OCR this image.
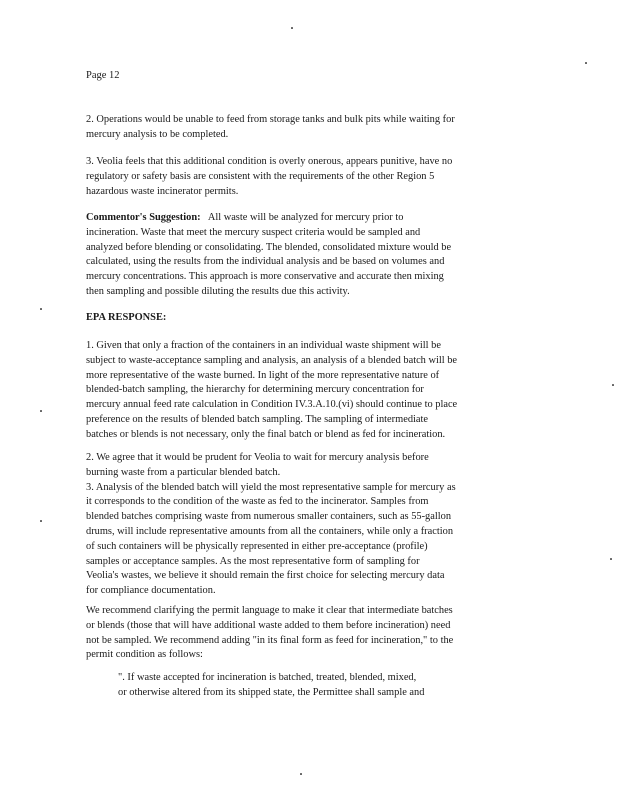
Page 12

2. Operations would be unable to feed from storage tanks and bulk pits while waiting for
mercury analysis to be completed.

3. Veolia feels that this additional condition is overly onerous, appears punitive, have no
regulatory or safety basis are consistent with the requirements of the other Region 5
hazardous waste incinerator permits.

Commentor's Suggestion:   All waste will be analyzed for mercury prior to
incineration. Waste that meet the mercury suspect criteria would be sampled and
analyzed before blending or consolidating. The blended, consolidated mixture would be
calculated, using the results from the individual analysis and be based on volumes and
mercury concentrations. This approach is more conservative and accurate then mixing
then sampling and possible diluting the results due this activity.

EPA RESPONSE:

1. Given that only a fraction of the containers in an individual waste shipment will be
subject to waste-acceptance sampling and analysis, an analysis of a blended batch will be
more representative of the waste burned. In light of the more representative nature of
blended-batch sampling, the hierarchy for determining mercury concentration for
mercury annual feed rate calculation in Condition IV.3.A.10.(vi) should continue to place
preference on the results of blended batch sampling. The sampling of intermediate
batches or blends is not necessary, only the final batch or blend as fed for incineration.

2. We agree that it would be prudent for Veolia to wait for mercury analysis before
burning waste from a particular blended batch.
3. Analysis of the blended batch will yield the most representative sample for mercury as
it corresponds to the condition of the waste as fed to the incinerator. Samples from
blended batches comprising waste from numerous smaller containers, such as 55-gallon
drums, will include representative amounts from all the containers, while only a fraction
of such containers will be physically represented in either pre-acceptance (profile)
samples or acceptance samples. As the most representative form of sampling for
Veolia's wastes, we believe it should remain the first choice for selecting mercury data
for compliance documentation.

We recommend clarifying the permit language to make it clear that intermediate batches
or blends (those that will have additional waste added to them before incineration) need
not be sampled. We recommend adding "in its final form as feed for incineration," to the
permit condition as follows:

". If waste accepted for incineration is batched, treated, blended, mixed,
or otherwise altered from its shipped state, the Permittee shall sample and
